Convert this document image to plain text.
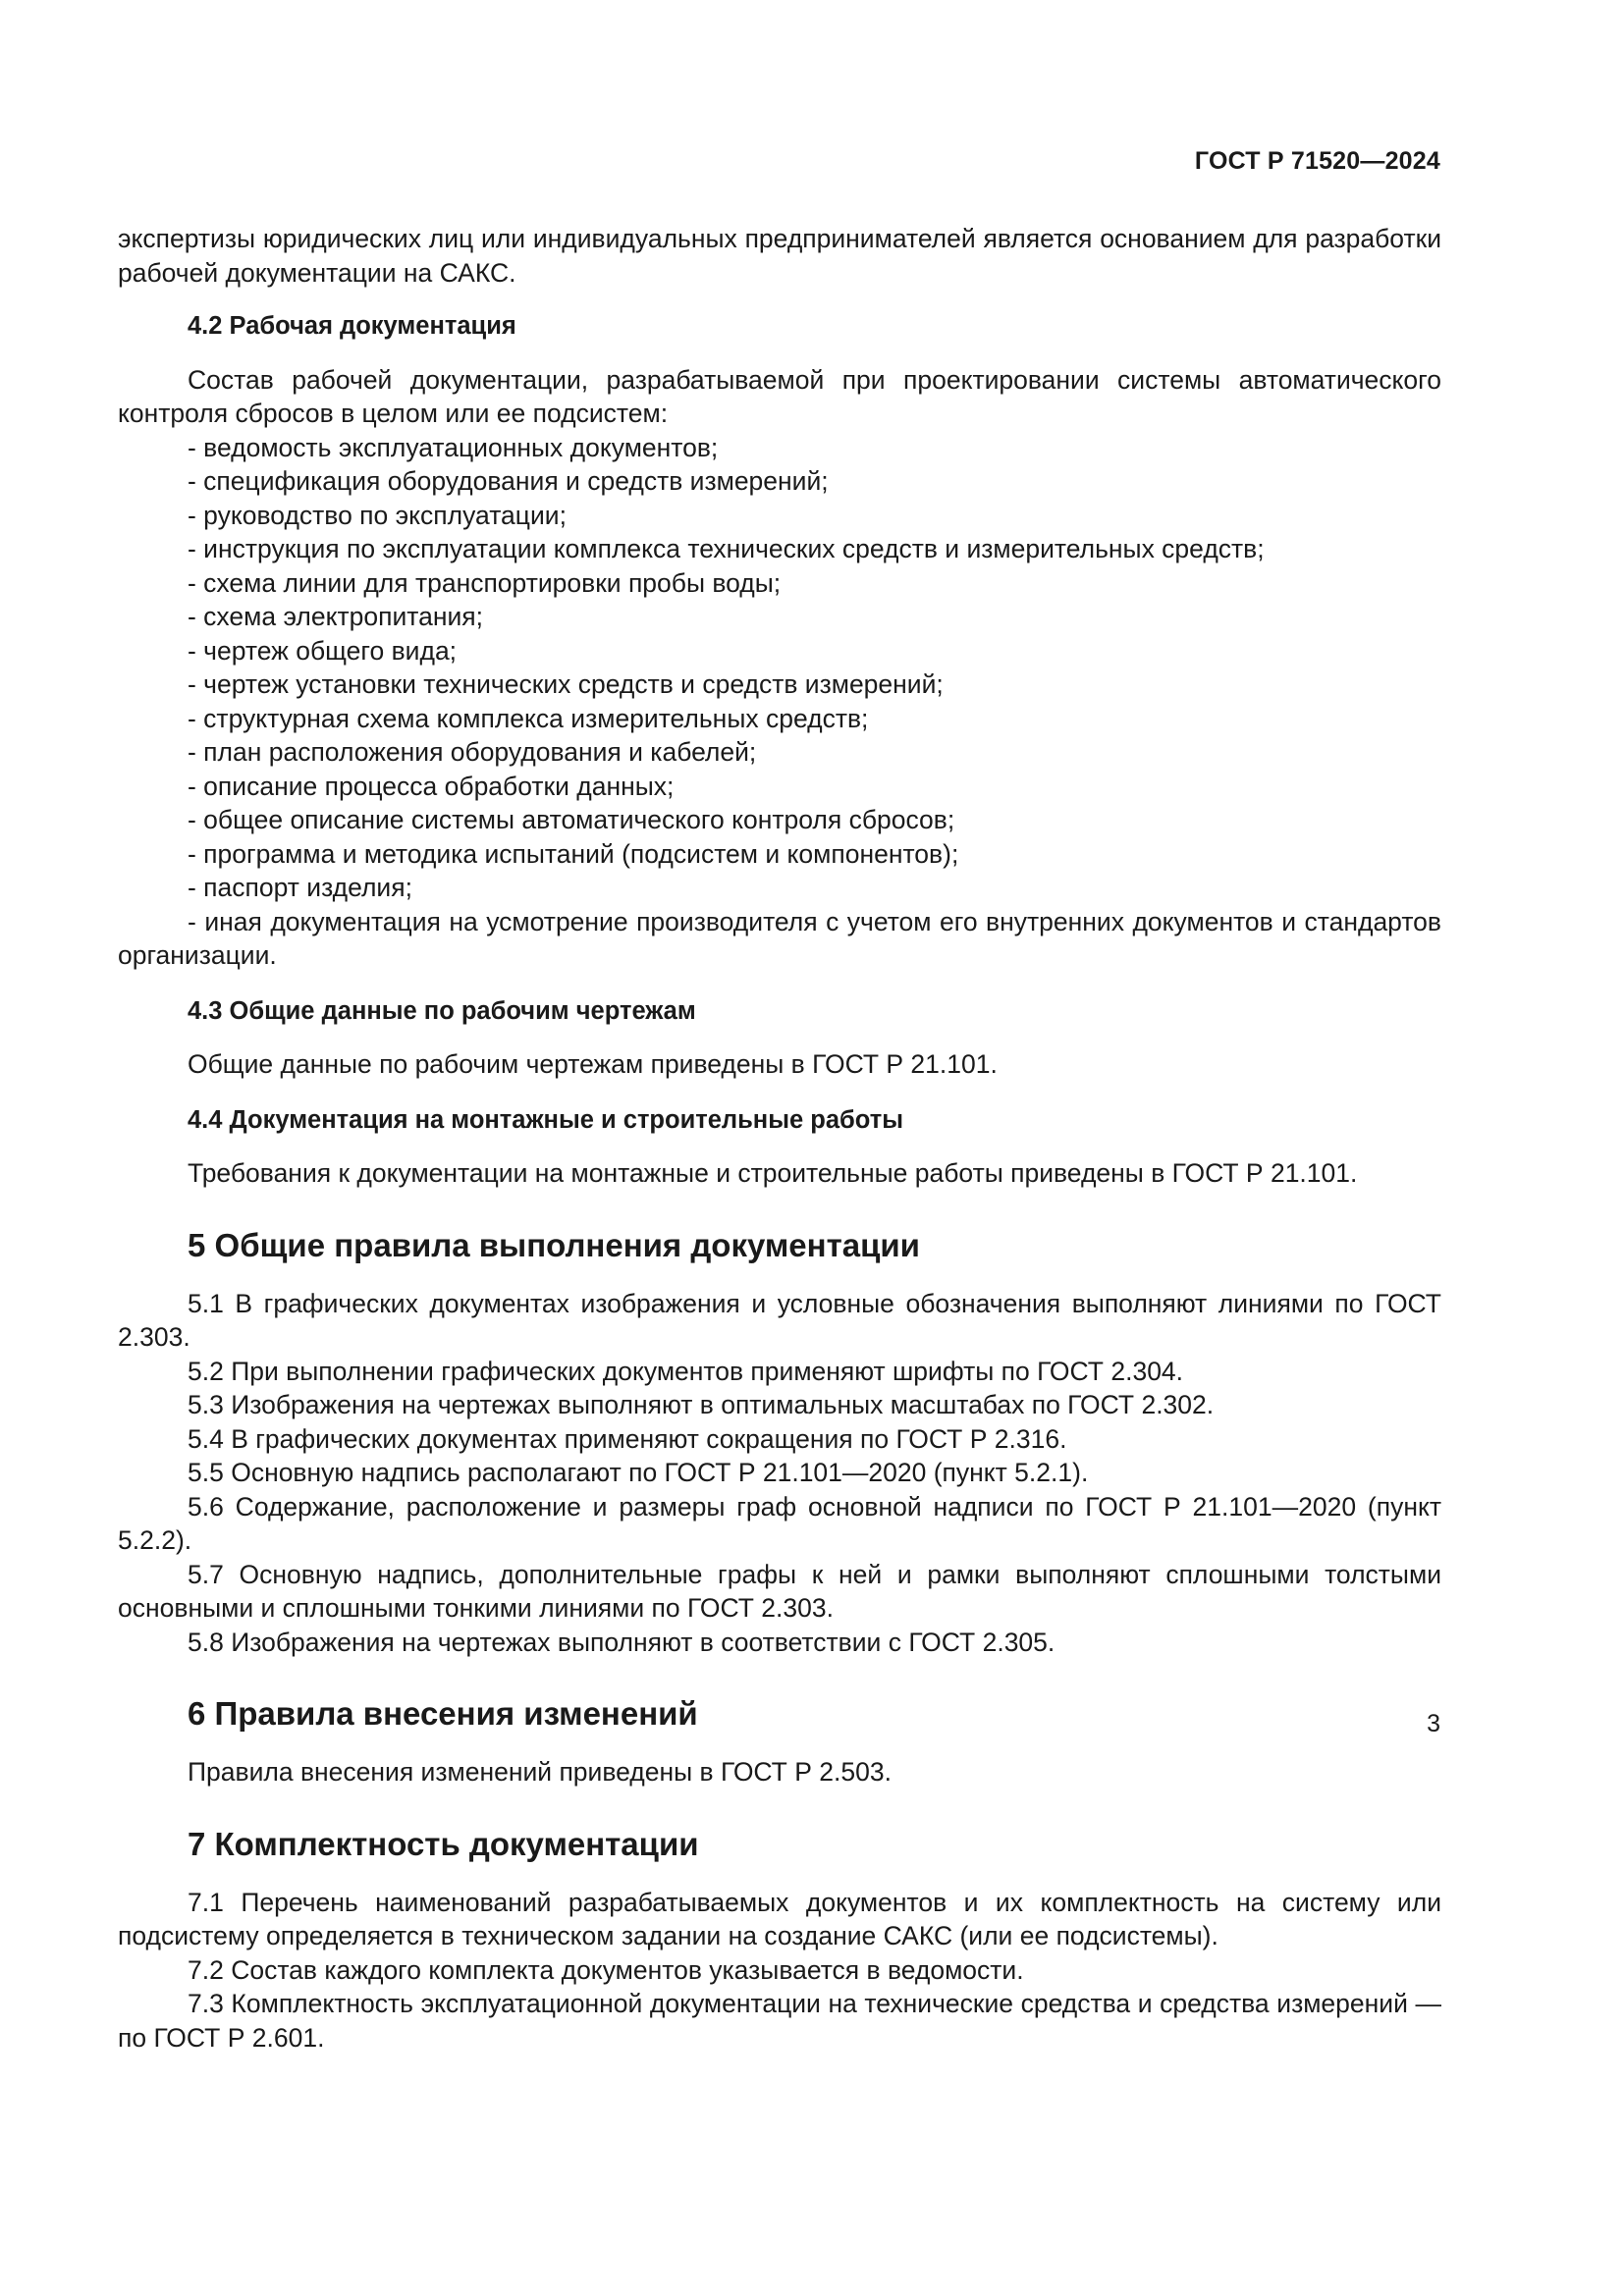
ГОСТ Р 71520—2024

экспертизы юридических лиц или индивидуальных предпринимателей является основанием для разработки рабочей документации на САКС.

4.2 Рабочая документация

Состав рабочей документации, разрабатываемой при проектировании системы автоматического контроля сбросов в целом или ее подсистем:

- ведомость эксплуатационных документов;

- спецификация оборудования и средств измерений;

- руководство по эксплуатации;

- инструкция по эксплуатации комплекса технических средств и измерительных средств;

- схема линии для транспортировки пробы воды;

- схема электропитания;

- чертеж общего вида;

- чертеж установки технических средств и средств измерений;

- структурная схема комплекса измерительных средств;

- план расположения оборудования и кабелей;

- описание процесса обработки данных;

- общее описание системы автоматического контроля сбросов;

- программа и методика испытаний (подсистем и компонентов);

- паспорт изделия;

- иная документация на усмотрение производителя с учетом его внутренних документов и стандартов организации.

4.3 Общие данные по рабочим чертежам

Общие данные по рабочим чертежам приведены в ГОСТ Р 21.101.

4.4 Документация на монтажные и строительные работы

Требования к документации на монтажные и строительные работы приведены в ГОСТ Р 21.101.

5 Общие правила выполнения документации

5.1 В графических документах изображения и условные обозначения выполняют линиями по ГОСТ 2.303.

5.2 При выполнении графических документов применяют шрифты по ГОСТ 2.304.

5.3 Изображения на чертежах выполняют в оптимальных масштабах по ГОСТ 2.302.

5.4 В графических документах применяют сокращения по ГОСТ Р 2.316.

5.5 Основную надпись располагают по ГОСТ Р 21.101—2020 (пункт 5.2.1).

5.6 Содержание, расположение и размеры граф основной надписи по ГОСТ Р 21.101—2020 (пункт 5.2.2).

5.7 Основную надпись, дополнительные графы к ней и рамки выполняют сплошными толстыми основными и сплошными тонкими линиями по ГОСТ 2.303.

5.8 Изображения на чертежах выполняют в соответствии с ГОСТ 2.305.

6 Правила внесения изменений

Правила внесения изменений приведены в ГОСТ Р 2.503.

7 Комплектность документации

7.1 Перечень наименований разрабатываемых документов и их комплектность на систему или подсистему определяется в техническом задании на создание САКС (или ее подсистемы).

7.2 Состав каждого комплекта документов указывается в ведомости.

7.3 Комплектность эксплуатационной документации на технические средства и средства измерений — по ГОСТ Р 2.601.

3
